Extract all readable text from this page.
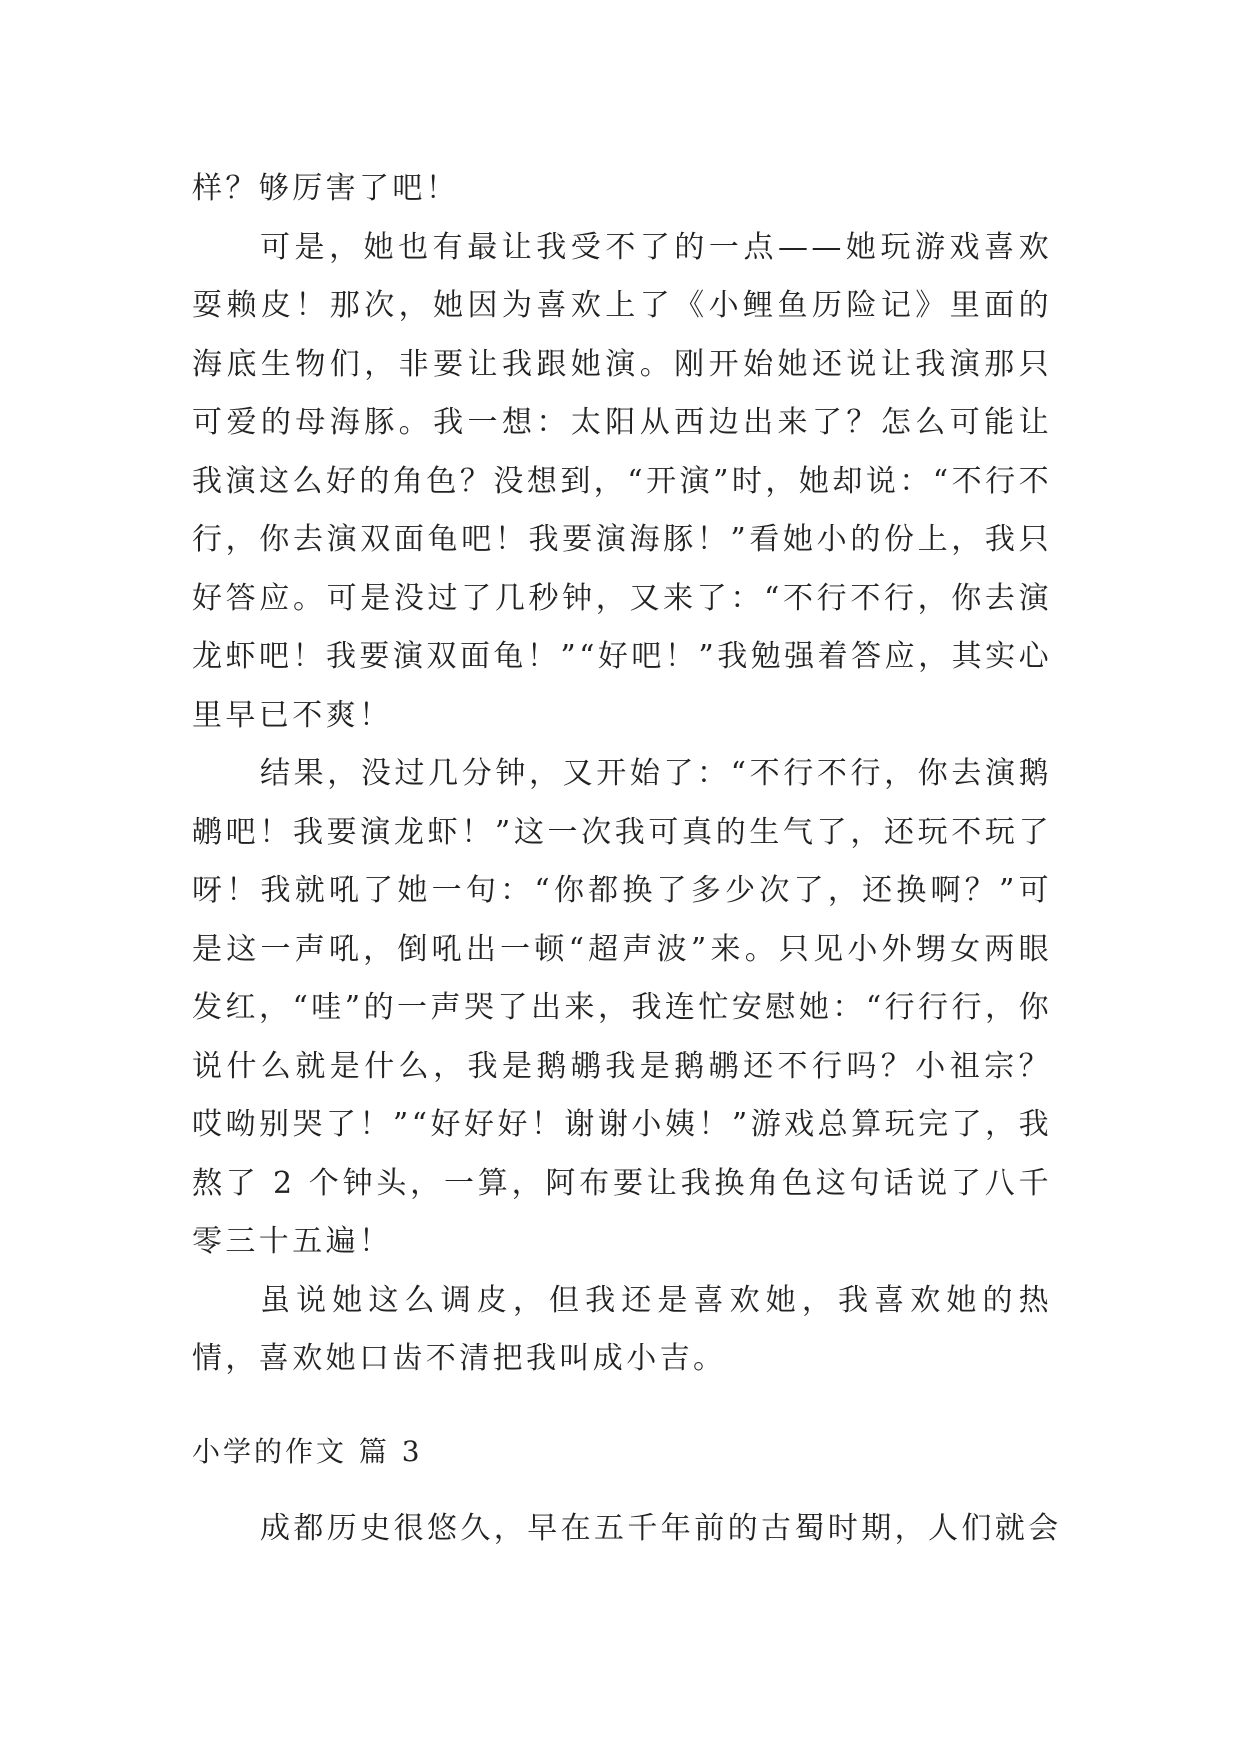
样？够厉害了吧！

可是，她也有最让我受不了的一点——她玩游戏喜欢耍赖皮！那次，她因为喜欢上了《小鲤鱼历险记》里面的海底生物们，非要让我跟她演。刚开始她还说让我演那只可爱的母海豚。我一想：太阳从西边出来了？怎么可能让我演这么好的角色？没想到，“开演”时，她却说：“不行不行，你去演双面龟吧！我要演海豚！”看她小的份上，我只好答应。可是没过了几秒钟，又来了：“不行不行，你去演龙虾吧！我要演双面龟！”“好吧！”我勉强着答应，其实心里早已不爽！

结果，没过几分钟，又开始了：“不行不行，你去演鹅鹕吧！我要演龙虾！”这一次我可真的生气了，还玩不玩了呀！我就吼了她一句：“你都换了多少次了，还换啊？”可是这一声吼，倒吼出一顿“超声波”来。只见小外甥女两眼发红，“哇”的一声哭了出来，我连忙安慰她：“行行行，你说什么就是什么，我是鹅鹕我是鹅鹕还不行吗？小祖宗？哎呦别哭了！”“好好好！谢谢小姨！”游戏总算玩完了，我熬了 2 个钟头，一算，阿布要让我换角色这句话说了八千零三十五遍！

虽说她这么调皮，但我还是喜欢她，我喜欢她的热情，喜欢她口齿不清把我叫成小吉。

小学的作文 篇 3

成都历史很悠久，早在五千年前的古蜀时期，人们就会
